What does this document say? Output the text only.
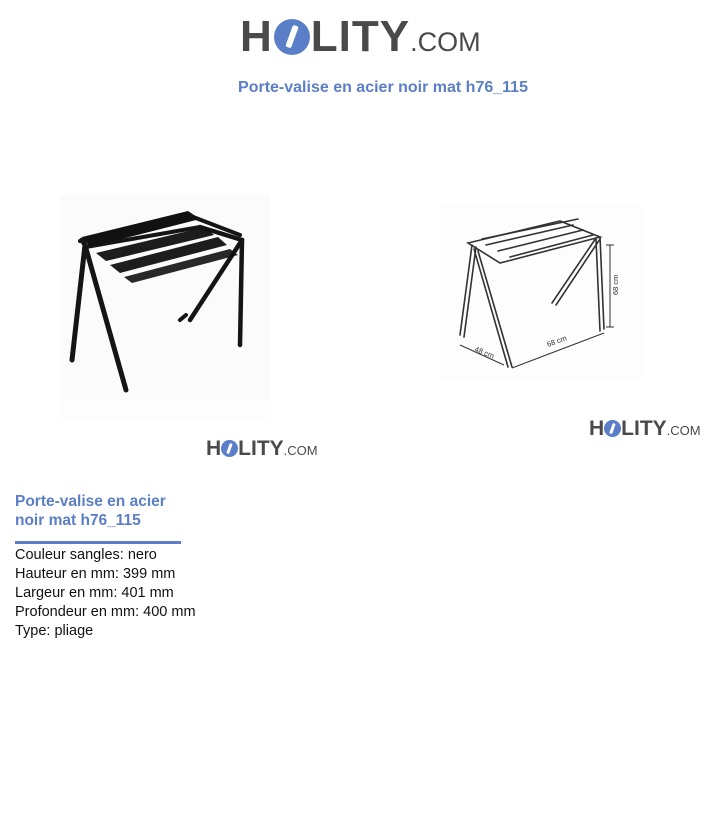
H LITY .COM
Porte-valise en acier noir mat h76_115
H LITY .COM
68 cm
48 cm
68 cm
H LITY .COM
Porte-valise en acier noir mat h76_115
Couleur sangles: nero
Hauteur en mm: 399 mm
Largeur en mm: 401 mm
Profondeur en mm: 400 mm
Type: pliage
